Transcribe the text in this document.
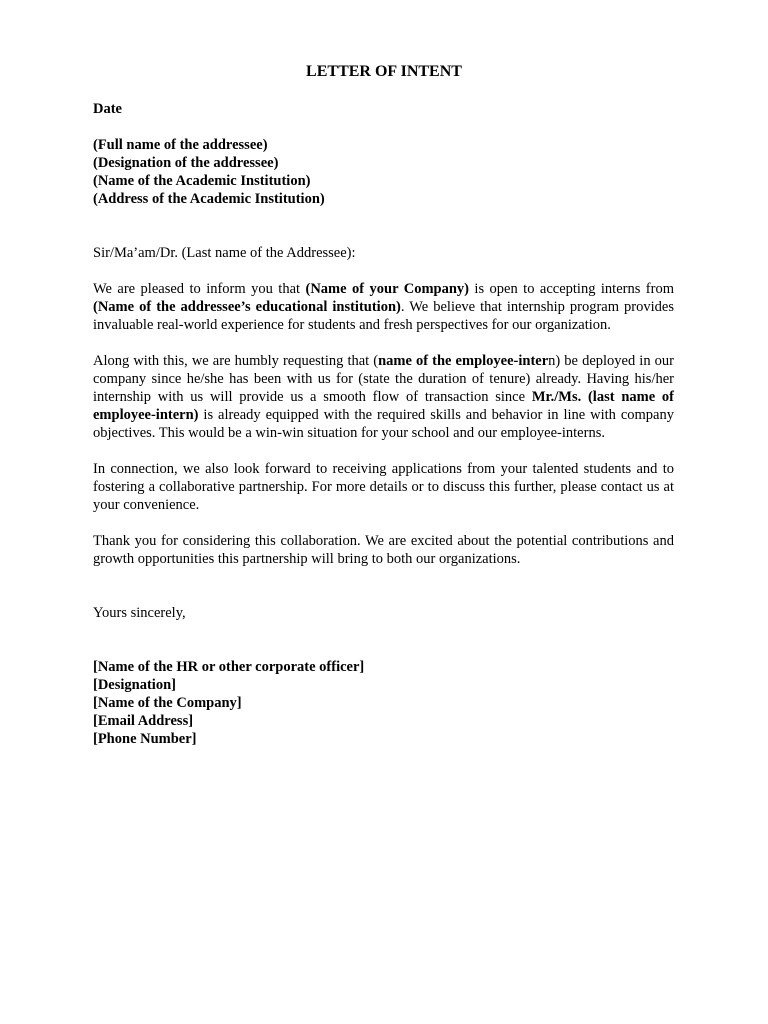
LETTER OF INTENT
Date
(Full name of the addressee)
(Designation of the addressee)
(Name of the Academic Institution)
(Address of the Academic Institution)
Sir/Ma’am/Dr. (Last name of the Addressee):

We are pleased to inform you that (Name of your Company) is open to accepting interns from (Name of the addressee’s educational institution). We believe that internship program provides invaluable real-world experience for students and fresh perspectives for our organization.

Along with this, we are humbly requesting that (name of the employee-intern) be deployed in our company since he/she has been with us for (state the duration of tenure) already. Having his/her internship with us will provide us a smooth flow of transaction since Mr./Ms. (last name of employee-intern) is already equipped with the required skills and behavior in line with company objectives. This would be a win-win situation for your school and our employee-interns.

In connection, we also look forward to receiving applications from your talented students and to fostering a collaborative partnership. For more details or to discuss this further, please contact us at your convenience.

Thank you for considering this collaboration. We are excited about the potential contributions and growth opportunities this partnership will bring to both our organizations.

Yours sincerely,
[Name of the HR or other corporate officer]
[Designation]
[Name of the Company]
[Email Address]
[Phone Number]
